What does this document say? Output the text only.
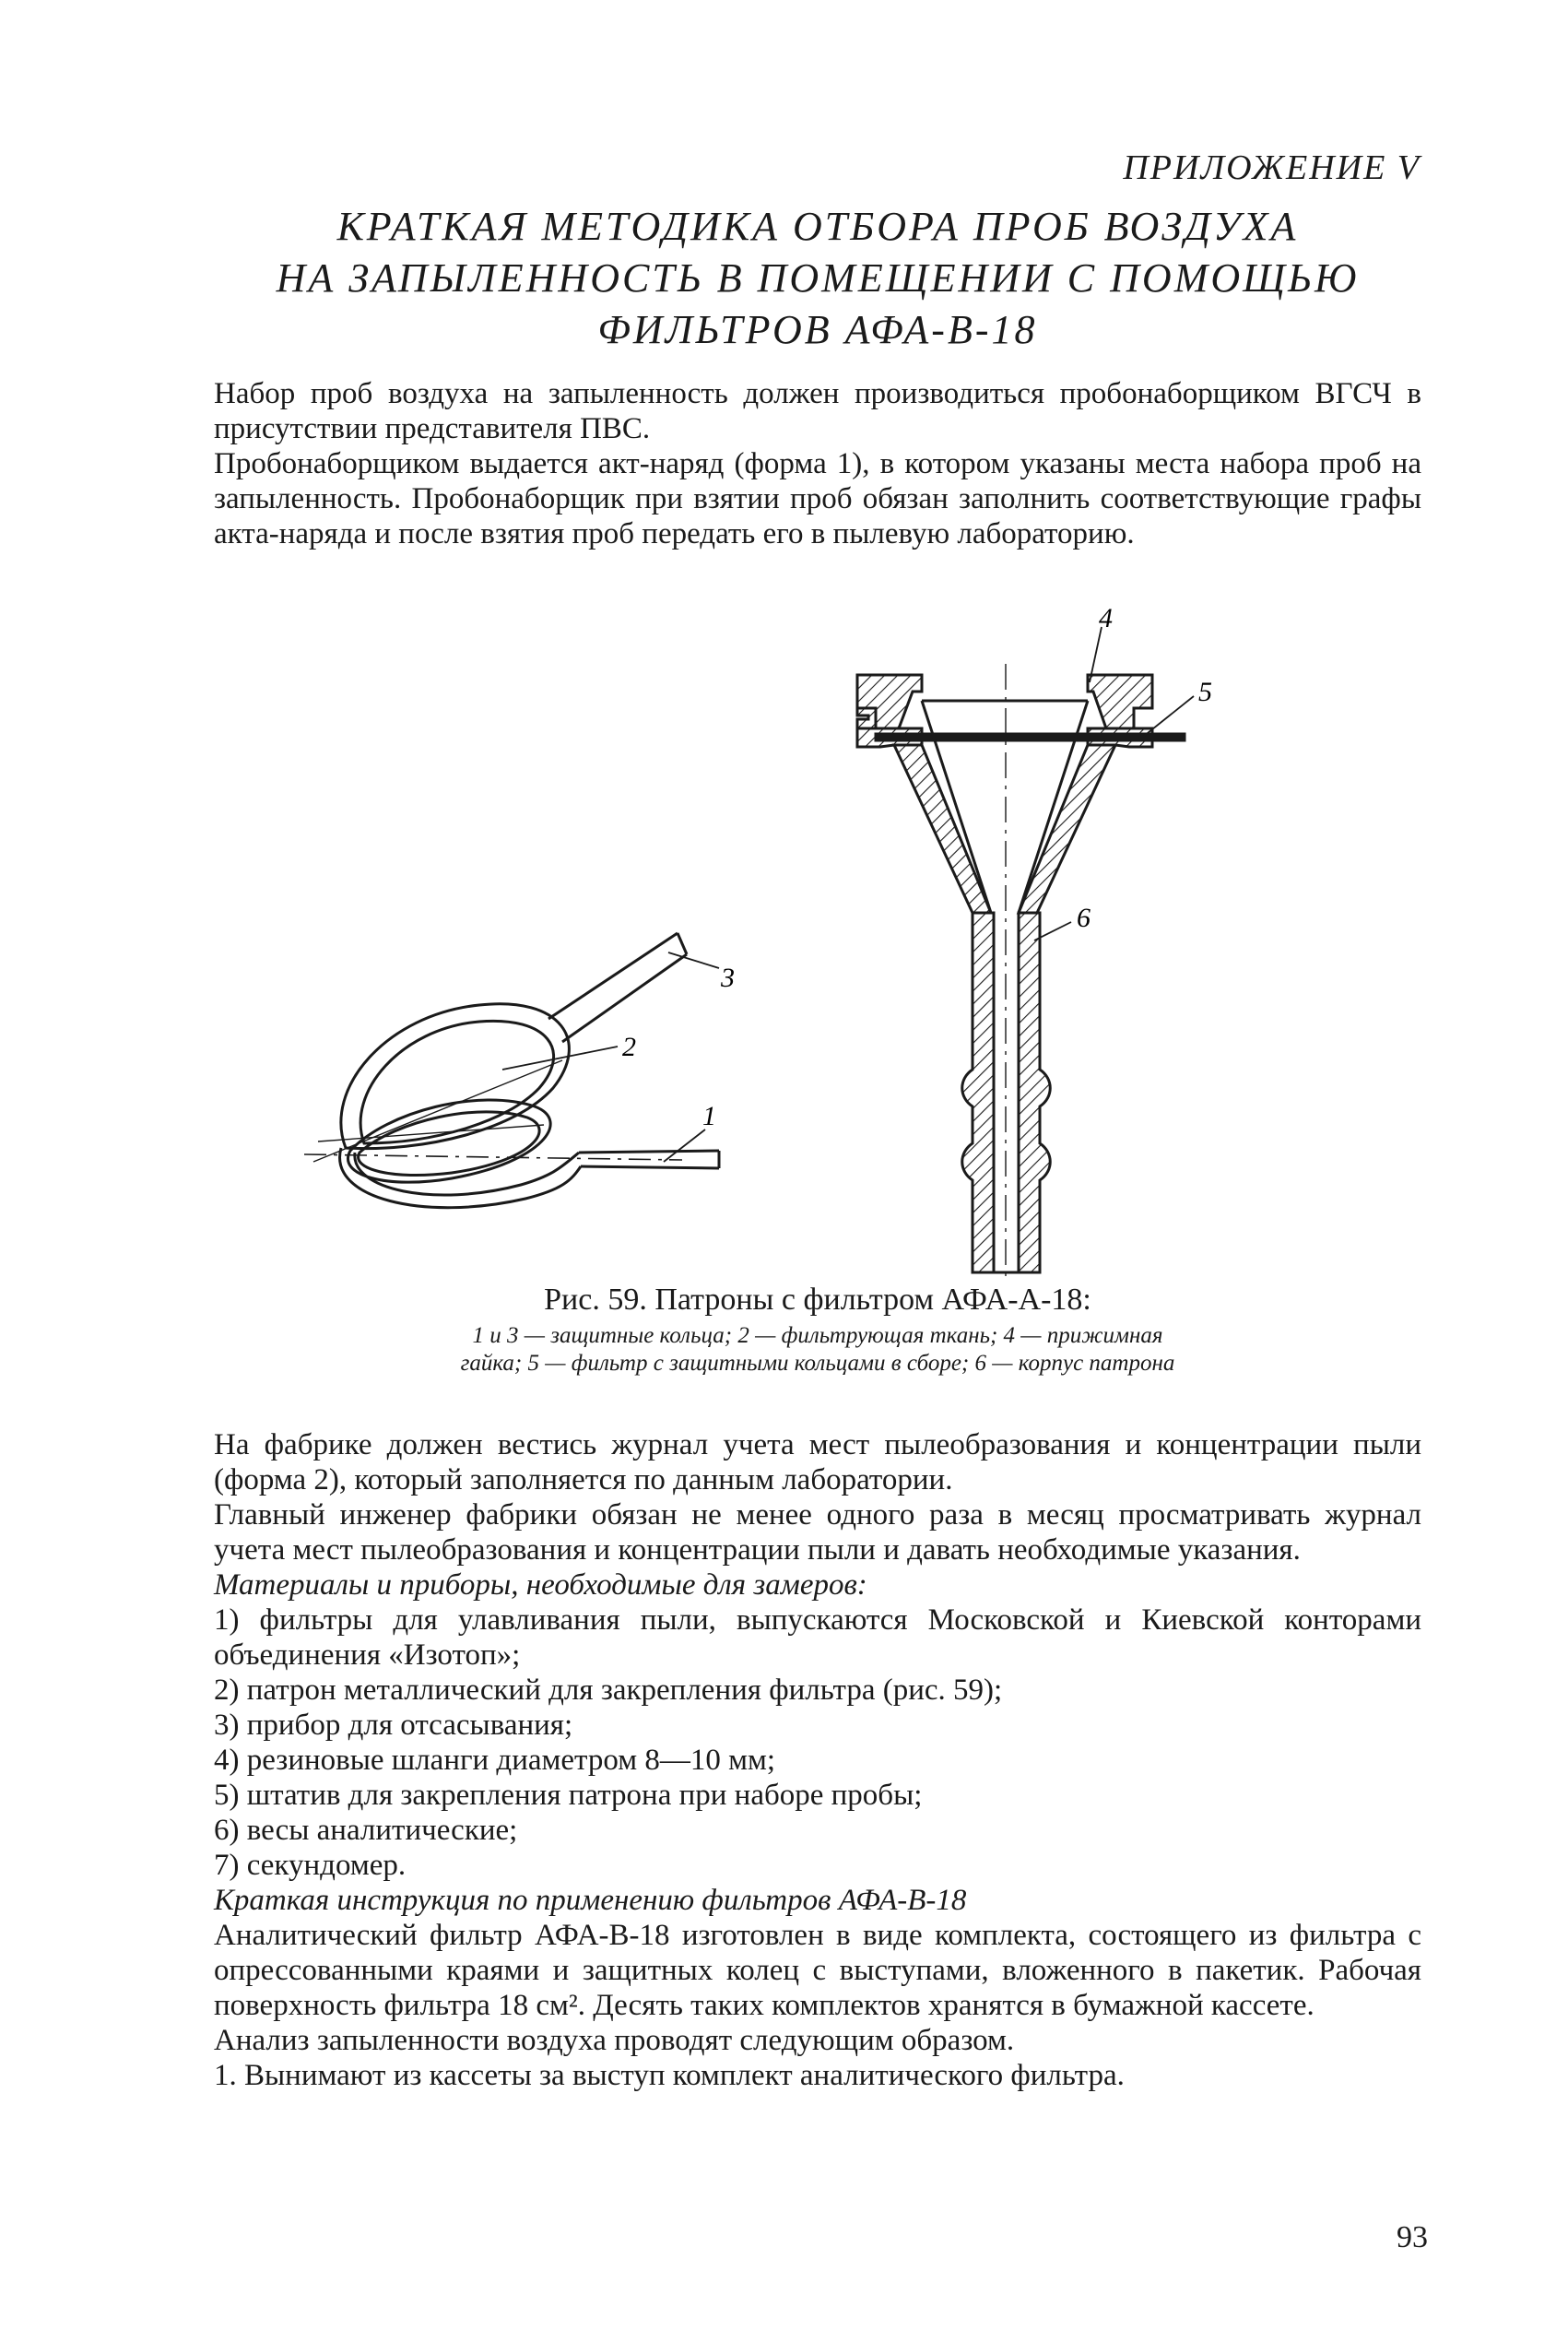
ПРИЛОЖЕНИЕ V
КРАТКАЯ МЕТОДИКА ОТБОРА ПРОБ ВОЗДУХА
НА ЗАПЫЛЕННОСТЬ В ПОМЕЩЕНИИ С ПОМОЩЬЮ
ФИЛЬТРОВ АФА-В-18

Набор проб воздуха на запыленность должен производиться пробонаборщиком ВГСЧ в присутствии представителя ПВС.

Пробонаборщиком выдается акт-наряд (форма 1), в котором указаны места набора проб на запыленность. Пробонаборщик при взятии проб обязан заполнить соответствующие графы акта-наряда и после взятия проб передать его в пылевую лабораторию.

4
5
6
3
2
1
Рис. 59. Патроны с фильтром АФА-А-18:
1 и 3 — защитные кольца; 2 — фильтрующая ткань; 4 — прижимная
гайка; 5 — фильтр с защитными кольцами в сборе; 6 — корпус патрона

На фабрике должен вестись журнал учета мест пылеобразования и концентрации пыли (форма 2), который заполняется по данным лаборатории.

Главный инженер фабрики обязан не менее одного раза в месяц просматривать журнал учета мест пылеобразования и концентрации пыли и давать необходимые указания.

Материалы и приборы, необходимые для замеров:

1) фильтры для улавливания пыли, выпускаются Московской и Киевской конторами объединения «Изотоп»;

2) патрон металлический для закрепления фильтра (рис. 59);

3) прибор для отсасывания;

4) резиновые шланги диаметром 8—10 мм;

5) штатив для закрепления патрона при наборе пробы;

6) весы аналитические;

7) секундомер.

Краткая инструкция по применению фильтров АФА-В-18

Аналитический фильтр АФА-В-18 изготовлен в виде комплекта, состоящего из фильтра с опрессованными краями и защитных колец с выступами, вложенного в пакетик. Рабочая поверхность фильтра 18 см². Десять таких комплектов хранятся в бумажной кассете.

Анализ запыленности воздуха проводят следующим образом.

1. Вынимают из кассеты за выступ комплект аналитического фильтра.

93
